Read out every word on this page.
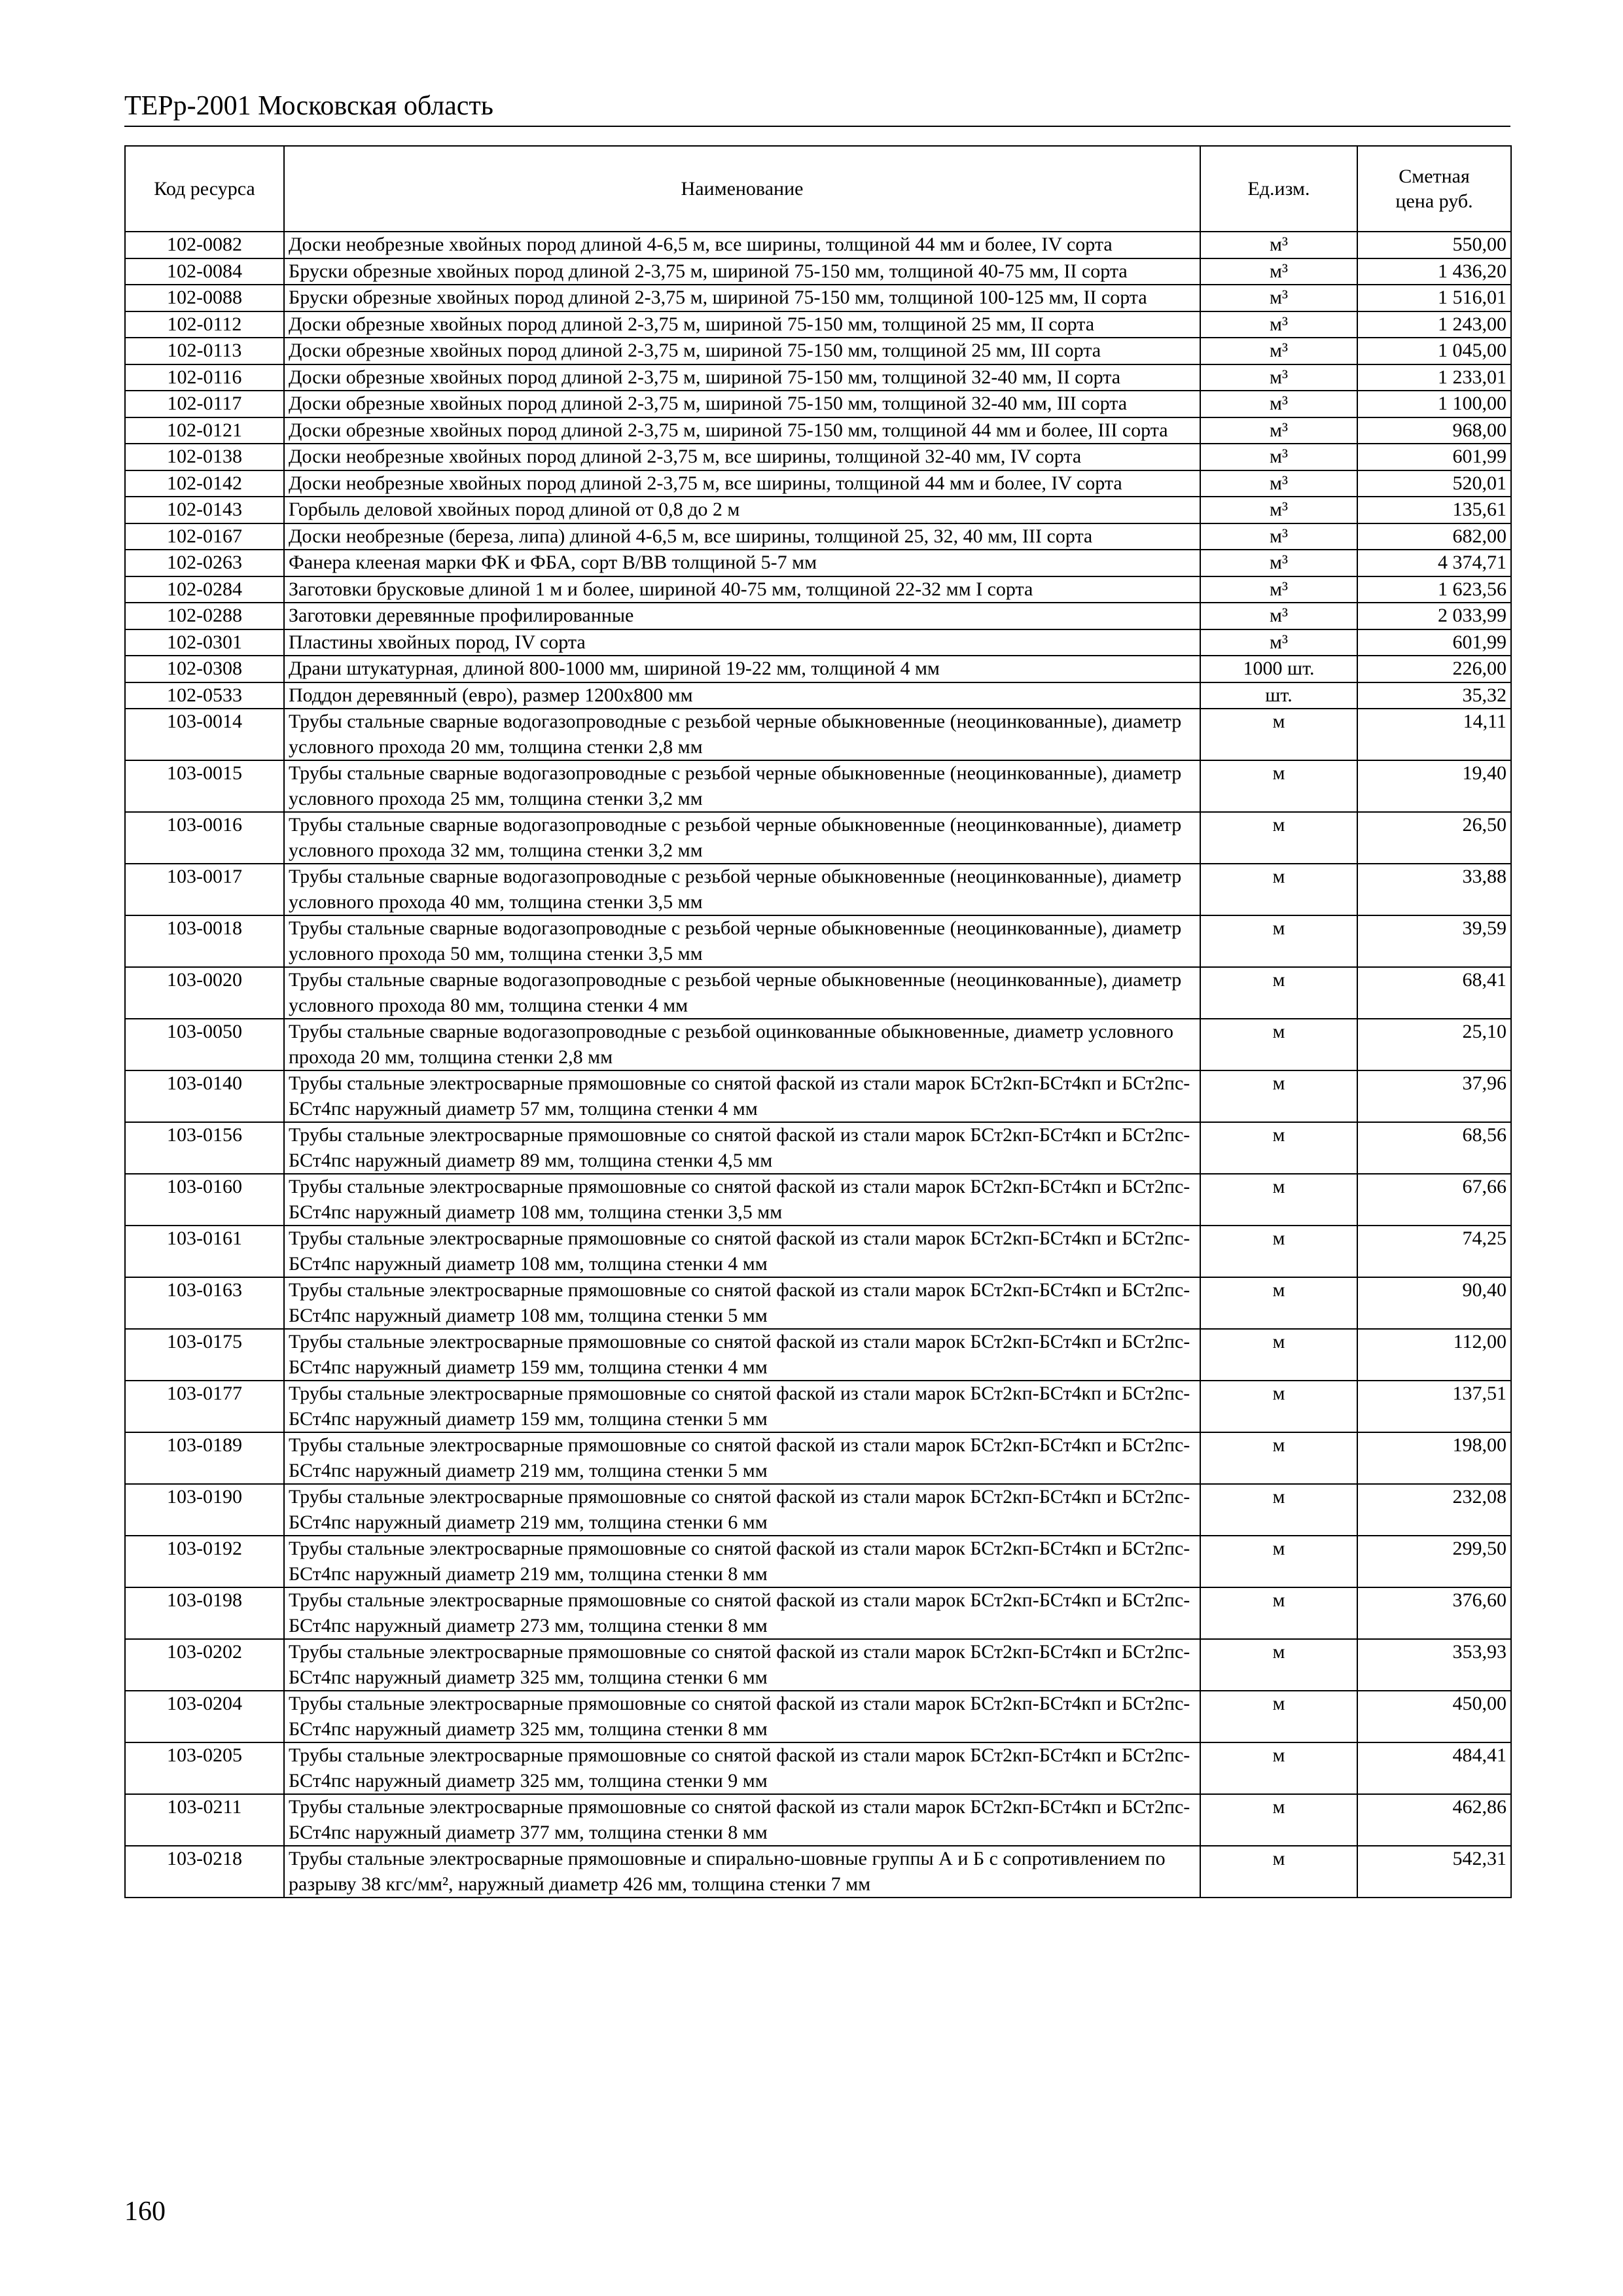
ТЕРр-2001 Московская область
Код ресурса	Наименование	Ед.изм.	Сметная цена руб.
102-0082	Доски необрезные хвойных пород длиной 4-6,5 м, все ширины, толщиной 44 мм и более, IV сорта	м³	550,00
102-0084	Бруски обрезные хвойных пород длиной 2-3,75 м, шириной 75-150 мм, толщиной 40-75 мм, II сорта	м³	1 436,20
102-0088	Бруски обрезные хвойных пород длиной 2-3,75 м, шириной 75-150 мм, толщиной 100-125 мм, II сорта	м³	1 516,01
102-0112	Доски обрезные хвойных пород длиной 2-3,75 м, шириной 75-150 мм, толщиной 25 мм, II сорта	м³	1 243,00
102-0113	Доски обрезные хвойных пород длиной 2-3,75 м, шириной 75-150 мм, толщиной 25 мм, III сорта	м³	1 045,00
102-0116	Доски обрезные хвойных пород длиной 2-3,75 м, шириной 75-150 мм, толщиной 32-40 мм, II сорта	м³	1 233,01
102-0117	Доски обрезные хвойных пород длиной 2-3,75 м, шириной 75-150 мм, толщиной 32-40 мм, III сорта	м³	1 100,00
102-0121	Доски обрезные хвойных пород длиной 2-3,75 м, шириной 75-150 мм, толщиной 44 мм и более, III сорта	м³	968,00
102-0138	Доски необрезные хвойных пород длиной 2-3,75 м, все ширины, толщиной 32-40 мм, IV сорта	м³	601,99
102-0142	Доски необрезные хвойных пород длиной 2-3,75 м, все ширины, толщиной 44 мм и более, IV сорта	м³	520,01
102-0143	Горбыль деловой хвойных пород длиной от 0,8 до 2 м	м³	135,61
102-0167	Доски необрезные (береза, липа) длиной 4-6,5 м, все ширины, толщиной 25, 32, 40 мм, III сорта	м³	682,00
102-0263	Фанера клееная марки ФК и ФБА, сорт В/ВВ толщиной 5-7 мм	м³	4 374,71
102-0284	Заготовки брусковые длиной 1 м и более, шириной 40-75 мм, толщиной 22-32 мм I сорта	м³	1 623,56
102-0288	Заготовки деревянные профилированные	м³	2 033,99
102-0301	Пластины хвойных пород, IV сорта	м³	601,99
102-0308	Драни штукатурная, длиной 800-1000 мм, шириной 19-22 мм, толщиной 4 мм	1000 шт.	226,00
102-0533	Поддон деревянный (евро), размер 1200х800 мм	шт.	35,32
103-0014	Трубы стальные сварные водогазопроводные с резьбой черные обыкновенные (неоцинкованные), диаметр условного прохода 20 мм, толщина стенки 2,8 мм	м	14,11
103-0015	Трубы стальные сварные водогазопроводные с резьбой черные обыкновенные (неоцинкованные), диаметр условного прохода 25 мм, толщина стенки 3,2 мм	м	19,40
103-0016	Трубы стальные сварные водогазопроводные с резьбой черные обыкновенные (неоцинкованные), диаметр условного прохода 32 мм, толщина стенки 3,2 мм	м	26,50
103-0017	Трубы стальные сварные водогазопроводные с резьбой черные обыкновенные (неоцинкованные), диаметр условного прохода 40 мм, толщина стенки 3,5 мм	м	33,88
103-0018	Трубы стальные сварные водогазопроводные с резьбой черные обыкновенные (неоцинкованные), диаметр условного прохода 50 мм, толщина стенки 3,5 мм	м	39,59
103-0020	Трубы стальные сварные водогазопроводные с резьбой черные обыкновенные (неоцинкованные), диаметр условного прохода 80 мм, толщина стенки 4 мм	м	68,41
103-0050	Трубы стальные сварные водогазопроводные с резьбой оцинкованные обыкновенные, диаметр условного прохода 20 мм, толщина стенки 2,8 мм	м	25,10
103-0140	Трубы стальные электросварные прямошовные со снятой фаской из стали марок БСт2кп-БСт4кп и БСт2пс-БСт4пс наружный диаметр 57 мм, толщина стенки 4 мм	м	37,96
103-0156	Трубы стальные электросварные прямошовные со снятой фаской из стали марок БСт2кп-БСт4кп и БСт2пс-БСт4пс наружный диаметр 89 мм, толщина стенки 4,5 мм	м	68,56
103-0160	Трубы стальные электросварные прямошовные со снятой фаской из стали марок БСт2кп-БСт4кп и БСт2пс-БСт4пс наружный диаметр 108 мм, толщина стенки 3,5 мм	м	67,66
103-0161	Трубы стальные электросварные прямошовные со снятой фаской из стали марок БСт2кп-БСт4кп и БСт2пс-БСт4пс наружный диаметр 108 мм, толщина стенки 4 мм	м	74,25
103-0163	Трубы стальные электросварные прямошовные со снятой фаской из стали марок БСт2кп-БСт4кп и БСт2пс-БСт4пс наружный диаметр 108 мм, толщина стенки 5 мм	м	90,40
103-0175	Трубы стальные электросварные прямошовные со снятой фаской из стали марок БСт2кп-БСт4кп и БСт2пс-БСт4пс наружный диаметр 159 мм, толщина стенки 4 мм	м	112,00
103-0177	Трубы стальные электросварные прямошовные со снятой фаской из стали марок БСт2кп-БСт4кп и БСт2пс-БСт4пс наружный диаметр 159 мм, толщина стенки 5 мм	м	137,51
103-0189	Трубы стальные электросварные прямошовные со снятой фаской из стали марок БСт2кп-БСт4кп и БСт2пс-БСт4пс наружный диаметр 219 мм, толщина стенки 5 мм	м	198,00
103-0190	Трубы стальные электросварные прямошовные со снятой фаской из стали марок БСт2кп-БСт4кп и БСт2пс-БСт4пс наружный диаметр 219 мм, толщина стенки 6 мм	м	232,08
103-0192	Трубы стальные электросварные прямошовные со снятой фаской из стали марок БСт2кп-БСт4кп и БСт2пс-БСт4пс наружный диаметр 219 мм, толщина стенки 8 мм	м	299,50
103-0198	Трубы стальные электросварные прямошовные со снятой фаской из стали марок БСт2кп-БСт4кп и БСт2пс-БСт4пс наружный диаметр 273 мм, толщина стенки 8 мм	м	376,60
103-0202	Трубы стальные электросварные прямошовные со снятой фаской из стали марок БСт2кп-БСт4кп и БСт2пс-БСт4пс наружный диаметр 325 мм, толщина стенки 6 мм	м	353,93
103-0204	Трубы стальные электросварные прямошовные со снятой фаской из стали марок БСт2кп-БСт4кп и БСт2пс-БСт4пс наружный диаметр 325 мм, толщина стенки 8 мм	м	450,00
103-0205	Трубы стальные электросварные прямошовные со снятой фаской из стали марок БСт2кп-БСт4кп и БСт2пс-БСт4пс наружный диаметр 325 мм, толщина стенки 9 мм	м	484,41
103-0211	Трубы стальные электросварные прямошовные со снятой фаской из стали марок БСт2кп-БСт4кп и БСт2пс-БСт4пс наружный диаметр 377 мм, толщина стенки 8 мм	м	462,86
103-0218	Трубы стальные электросварные прямошовные и спирально-шовные группы А и Б с сопротивлением по разрыву 38 кгс/мм², наружный диаметр 426 мм, толщина стенки 7 мм	м	542,31
160
